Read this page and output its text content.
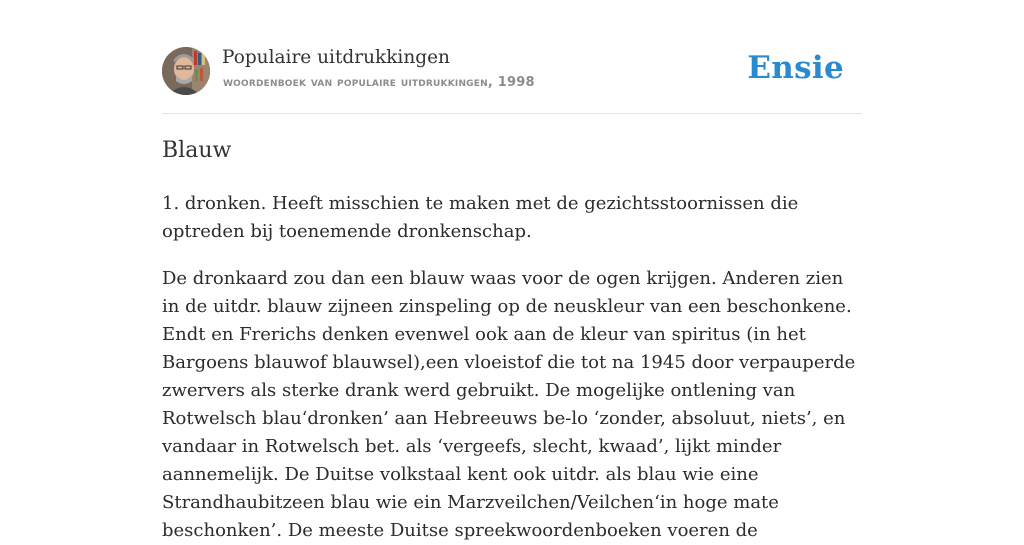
Populaire uitdrukkingen
woordenboek van populaire uitdrukkingen, 1998	Ensie
Blauw

1. dronken. Heeft misschien te maken met de gezichtsstoornissen die optreden bij toenemende dronkenschap.

De dronkaard zou dan een blauw waas voor de ogen krijgen. Anderen zien in de uitdr. blauw zijneen zinspeling op de neuskleur van een beschonkene. Endt en Frerichs denken evenwel ook aan de kleur van spiritus (in het Bargoens blauwof blauwsel),een vloeistof die tot na 1945 door verpauperde zwervers als sterke drank werd gebruikt. De mogelijke ontlening van Rotwelsch blau‘dronken’ aan Hebreeuws be-lo ‘zonder, absoluut, niets’, en vandaar in Rotwelsch bet. als ‘vergeefs, slecht, kwaad’, lijkt minder aannemelijk. De Duitse volkstaal kent ook uitdr. als blau wie eine Strandhaubitzeen blau wie ein Marzveilchen/Veilchen‘in hoge mate beschonken’. De meeste Duitse spreekwoordenboeken voeren de
